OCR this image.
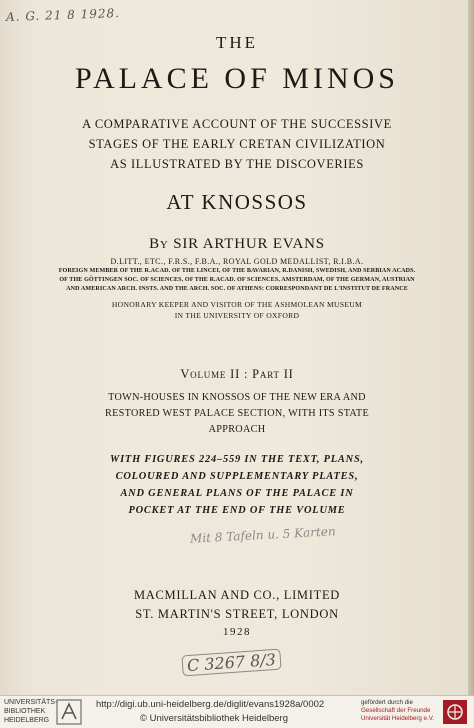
A. G. 21 8 1928.
THE
PALACE OF MINOS
A COMPARATIVE ACCOUNT OF THE SUCCESSIVE
STAGES OF THE EARLY CRETAN CIVILIZATION
AS ILLUSTRATED BY THE DISCOVERIES
AT KNOSSOS
By SIR ARTHUR EVANS
D.LITT., ETC., F.R.S., F.B.A., ROYAL GOLD MEDALLIST, R.I.B.A.
FOREIGN MEMBER OF THE R.ACAD. OF THE LINCEI, OF THE BAVARIAN, R.DANISH, SWEDISH, AND SERBIAN ACADS.
OF THE GÖTTINGEN SOC. OF SCIENCES, OF THE R.ACAD. OF SCIENCES, AMSTERDAM, OF THE GERMAN, AUSTRIAN
AND AMERICAN ARCH. INSTS. AND THE ARCH. SOC. OF ATHENS: CORRESPONDANT DE L'INSTITUT DE FRANCE
HONORARY KEEPER AND VISITOR OF THE ASHMOLEAN MUSEUM
IN THE UNIVERSITY OF OXFORD
Volume II : Part II
TOWN-HOUSES IN KNOSSOS OF THE NEW ERA AND
RESTORED WEST PALACE SECTION, WITH ITS STATE
APPROACH
WITH FIGURES 224–559 IN THE TEXT, PLANS,
COLOURED AND SUPPLEMENTARY PLATES,
AND GENERAL PLANS OF THE PALACE IN
POCKET AT THE END OF THE VOLUME
Mit 8 Tafeln u. 5 Karten
MACMILLAN AND CO., LIMITED
ST. MARTIN'S STREET, LONDON
1928
C 3267 8/3
UNIVERSITÄTS-
BIBLIOTHEK
HEIDELBERG
http://digi.ub.uni-heidelberg.de/diglit/evans1928a/0002
© Universitätsbibliothek Heidelberg
gefördert durch die
Gesellschaft der Freunde
Universität Heidelberg e.V.
